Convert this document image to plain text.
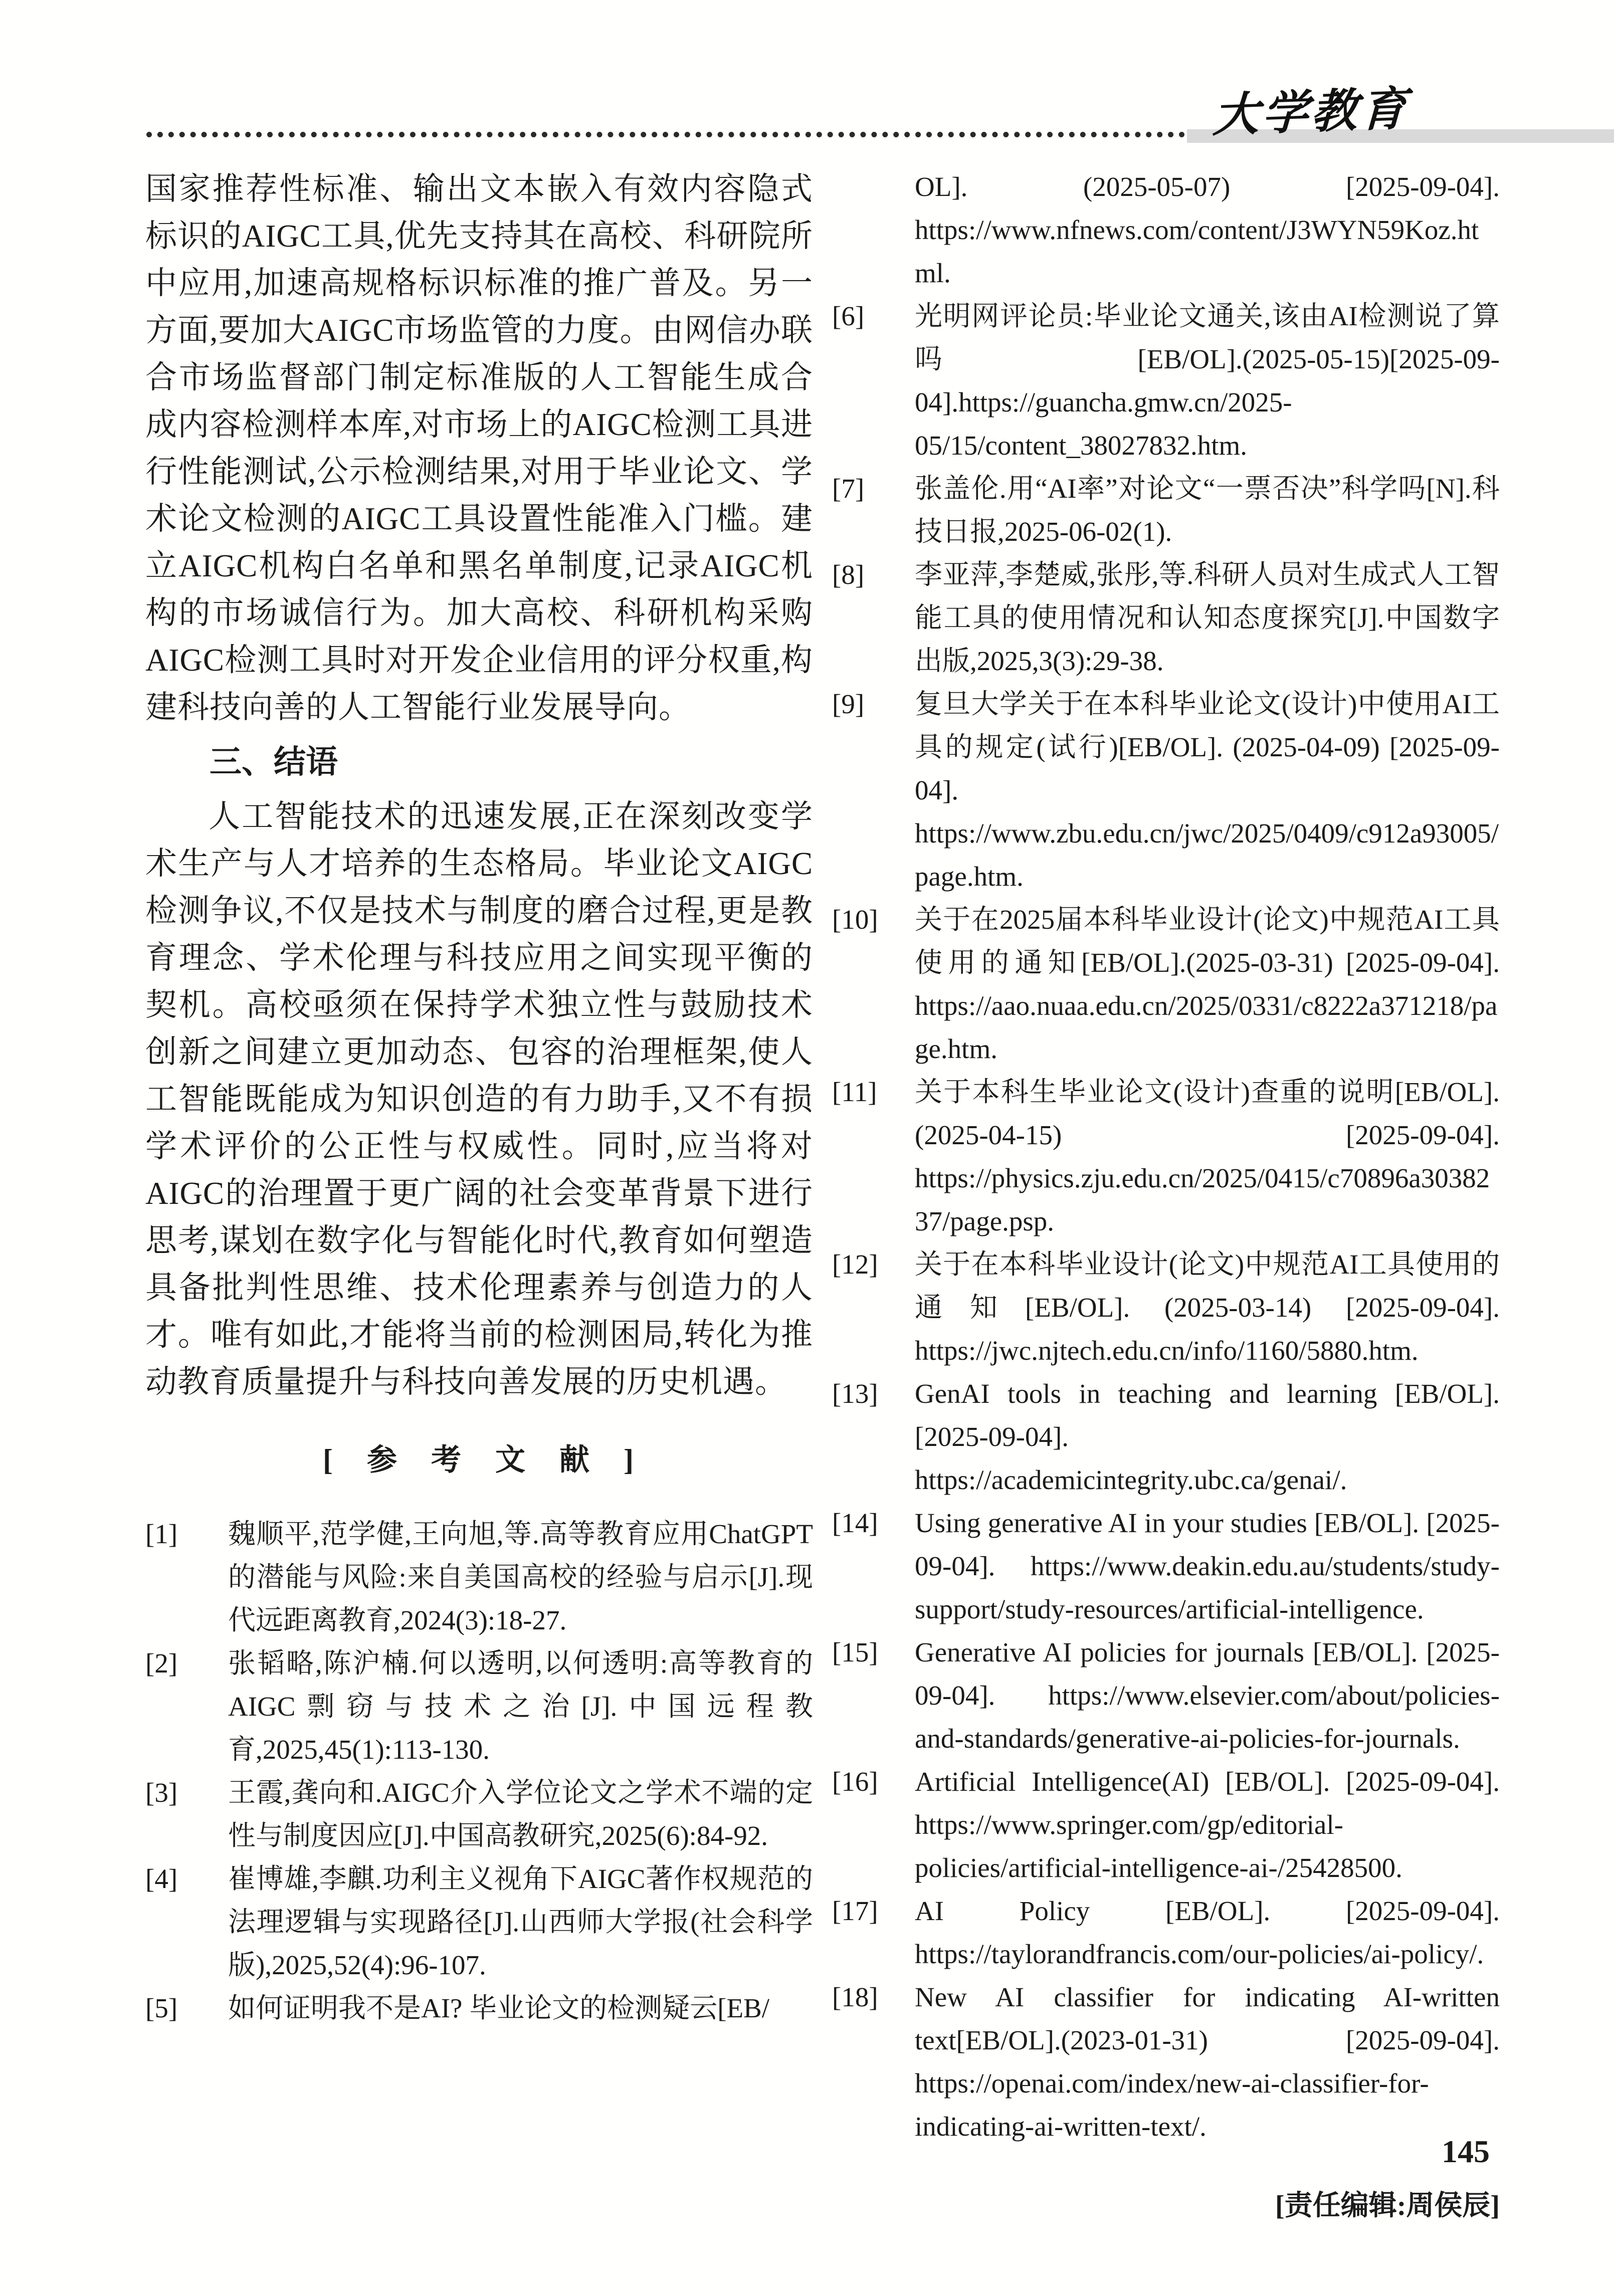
大学教育

国家推荐性标准、输出文本嵌入有效内容隐式标识的AIGC工具,优先支持其在高校、科研院所中应用,加速高规格标识标准的推广普及。另一方面,要加大AIGC市场监管的力度。由网信办联合市场监督部门制定标准版的人工智能生成合成内容检测样本库,对市场上的AIGC检测工具进行性能测试,公示检测结果,对用于毕业论文、学术论文检测的AIGC工具设置性能准入门槛。建立AIGC机构白名单和黑名单制度,记录AIGC机构的市场诚信行为。加大高校、科研机构采购AIGC检测工具时对开发企业信用的评分权重,构建科技向善的人工智能行业发展导向。

三、结语

人工智能技术的迅速发展,正在深刻改变学术生产与人才培养的生态格局。毕业论文AIGC检测争议,不仅是技术与制度的磨合过程,更是教育理念、学术伦理与科技应用之间实现平衡的契机。高校亟须在保持学术独立性与鼓励技术创新之间建立更加动态、包容的治理框架,使人工智能既能成为知识创造的有力助手,又不有损学术评价的公正性与权威性。同时,应当将对AIGC的治理置于更广阔的社会变革背景下进行思考,谋划在数字化与智能化时代,教育如何塑造具备批判性思维、技术伦理素养与创造力的人才。唯有如此,才能将当前的检测困局,转化为推动教育质量提升与科技向善发展的历史机遇。

[　参　考　文　献　]
[1]	魏顺平,范学健,王向旭,等.高等教育应用ChatGPT的潜能与风险:来自美国高校的经验与启示[J].现代远距离教育,2024(3):18-27.
[2]	张韬略,陈沪楠.何以透明,以何透明:高等教育的AIGC剽窃与技术之治[J].中国远程教育,2025,45(1):113-130.
[3]	王霞,龚向和.AIGC介入学位论文之学术不端的定性与制度因应[J].中国高教研究,2025(6):84-92.
[4]	崔博雄,李麒.功利主义视角下AIGC著作权规范的法理逻辑与实现路径[J].山西师大学报(社会科学版),2025,52(4):96-107.
[5]	如何证明我不是AI? 毕业论文的检测疑云[EB/
OL]. (2025-05-07) [2025-09-04]. https://www.nfnews.com/content/J3WYN59Koz.html.
[6]	光明网评论员:毕业论文通关,该由AI检测说了算吗[EB/OL].(2025-05-15)[2025-09-04].https://guancha.gmw.cn/2025-05/15/content_38027832.htm.
[7]	张盖伦.用“AI率”对论文“一票否决”科学吗[N].科技日报,2025-06-02(1).
[8]	李亚萍,李楚威,张彤,等.科研人员对生成式人工智能工具的使用情况和认知态度探究[J].中国数字出版,2025,3(3):29-38.
[9]	复旦大学关于在本科毕业论文(设计)中使用AI工具的规定(试行)[EB/OL]. (2025-04-09) [2025-09-04]. https://www.zbu.edu.cn/jwc/2025/0409/c912a93005/page.htm.
[10]	关于在2025届本科毕业设计(论文)中规范AI工具使用的通知[EB/OL].(2025-03-31) [2025-09-04]. https://aao.nuaa.edu.cn/2025/0331/c8222a371218/page.htm.
[11]	关于本科生毕业论文(设计)查重的说明[EB/OL].(2025-04-15) [2025-09-04]. https://physics.zju.edu.cn/2025/0415/c70896a3038237/page.psp.
[12]	关于在本科毕业设计(论文)中规范AI工具使用的通知[EB/OL]. (2025-03-14) [2025-09-04]. https://jwc.njtech.edu.cn/info/1160/5880.htm.
[13]	GenAI tools in teaching and learning [EB/OL].[2025-09-04]. https://academicintegrity.ubc.ca/genai/.
[14]	Using generative AI in your studies [EB/OL]. [2025-09-04]. https://www.deakin.edu.au/students/study-support/study-resources/artificial-intelligence.
[15]	Generative AI policies for journals [EB/OL]. [2025-09-04]. https://www.elsevier.com/about/policies-and-standards/generative-ai-policies-for-journals.
[16]	Artificial Intelligence(AI) [EB/OL]. [2025-09-04]. https://www.springer.com/gp/editorial-policies/artificial-intelligence-ai-/25428500.
[17]	AI Policy [EB/OL]. [2025-09-04]. https://taylorandfrancis.com/our-policies/ai-policy/.
[18]	New AI classifier for indicating AI-written text[EB/OL].(2023-01-31) [2025-09-04]. https://openai.com/index/new-ai-classifier-for-indicating-ai-written-text/.
[责任编辑:周侯辰]
145
